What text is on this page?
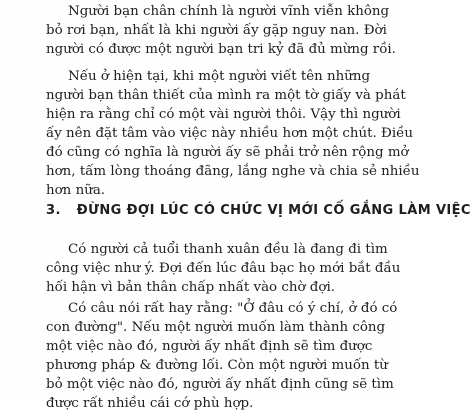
Người bạn chân chính là người vĩnh viễn không
bỏ rơi bạn, nhất là khi người ấy gặp nguy nan. Đời
người có được một người bạn tri kỷ đã đủ mừng rồi.

Nếu ở hiện tại, khi một người viết tên những
người bạn thân thiết của mình ra một tờ giấy và phát
hiện ra rằng chỉ có một vài người thôi. Vậy thì người
ấy nên đặt tâm vào việc này nhiều hơn một chút. Điều
đó cũng có nghĩa là người ấy sẽ phải trở nên rộng mở
hơn, tấm lòng thoáng đãng, lắng nghe và chia sẻ nhiều
hơn nữa.

3. ĐỪNG ĐỢI LÚC CÓ CHỨC VỊ MỚI CỐ GẮNG LÀM VIỆC

Có người cả tuổi thanh xuân đều là đang đi tìm
công việc như ý. Đợi đến lúc đâu bạc họ mới bắt đầu
hối hận vì bản thân chấp nhất vào chờ đợi.

Có câu nói rất hay rằng: "Ở đâu có ý chí, ở đó có
con đường". Nếu một người muốn làm thành công
một việc nào đó, người ấy nhất định sẽ tìm được
phương pháp & đường lối. Còn một người muốn từ
bỏ một việc nào đó, người ấy nhất định cũng sẽ tìm
được rất nhiều cái cớ phù hợp.
